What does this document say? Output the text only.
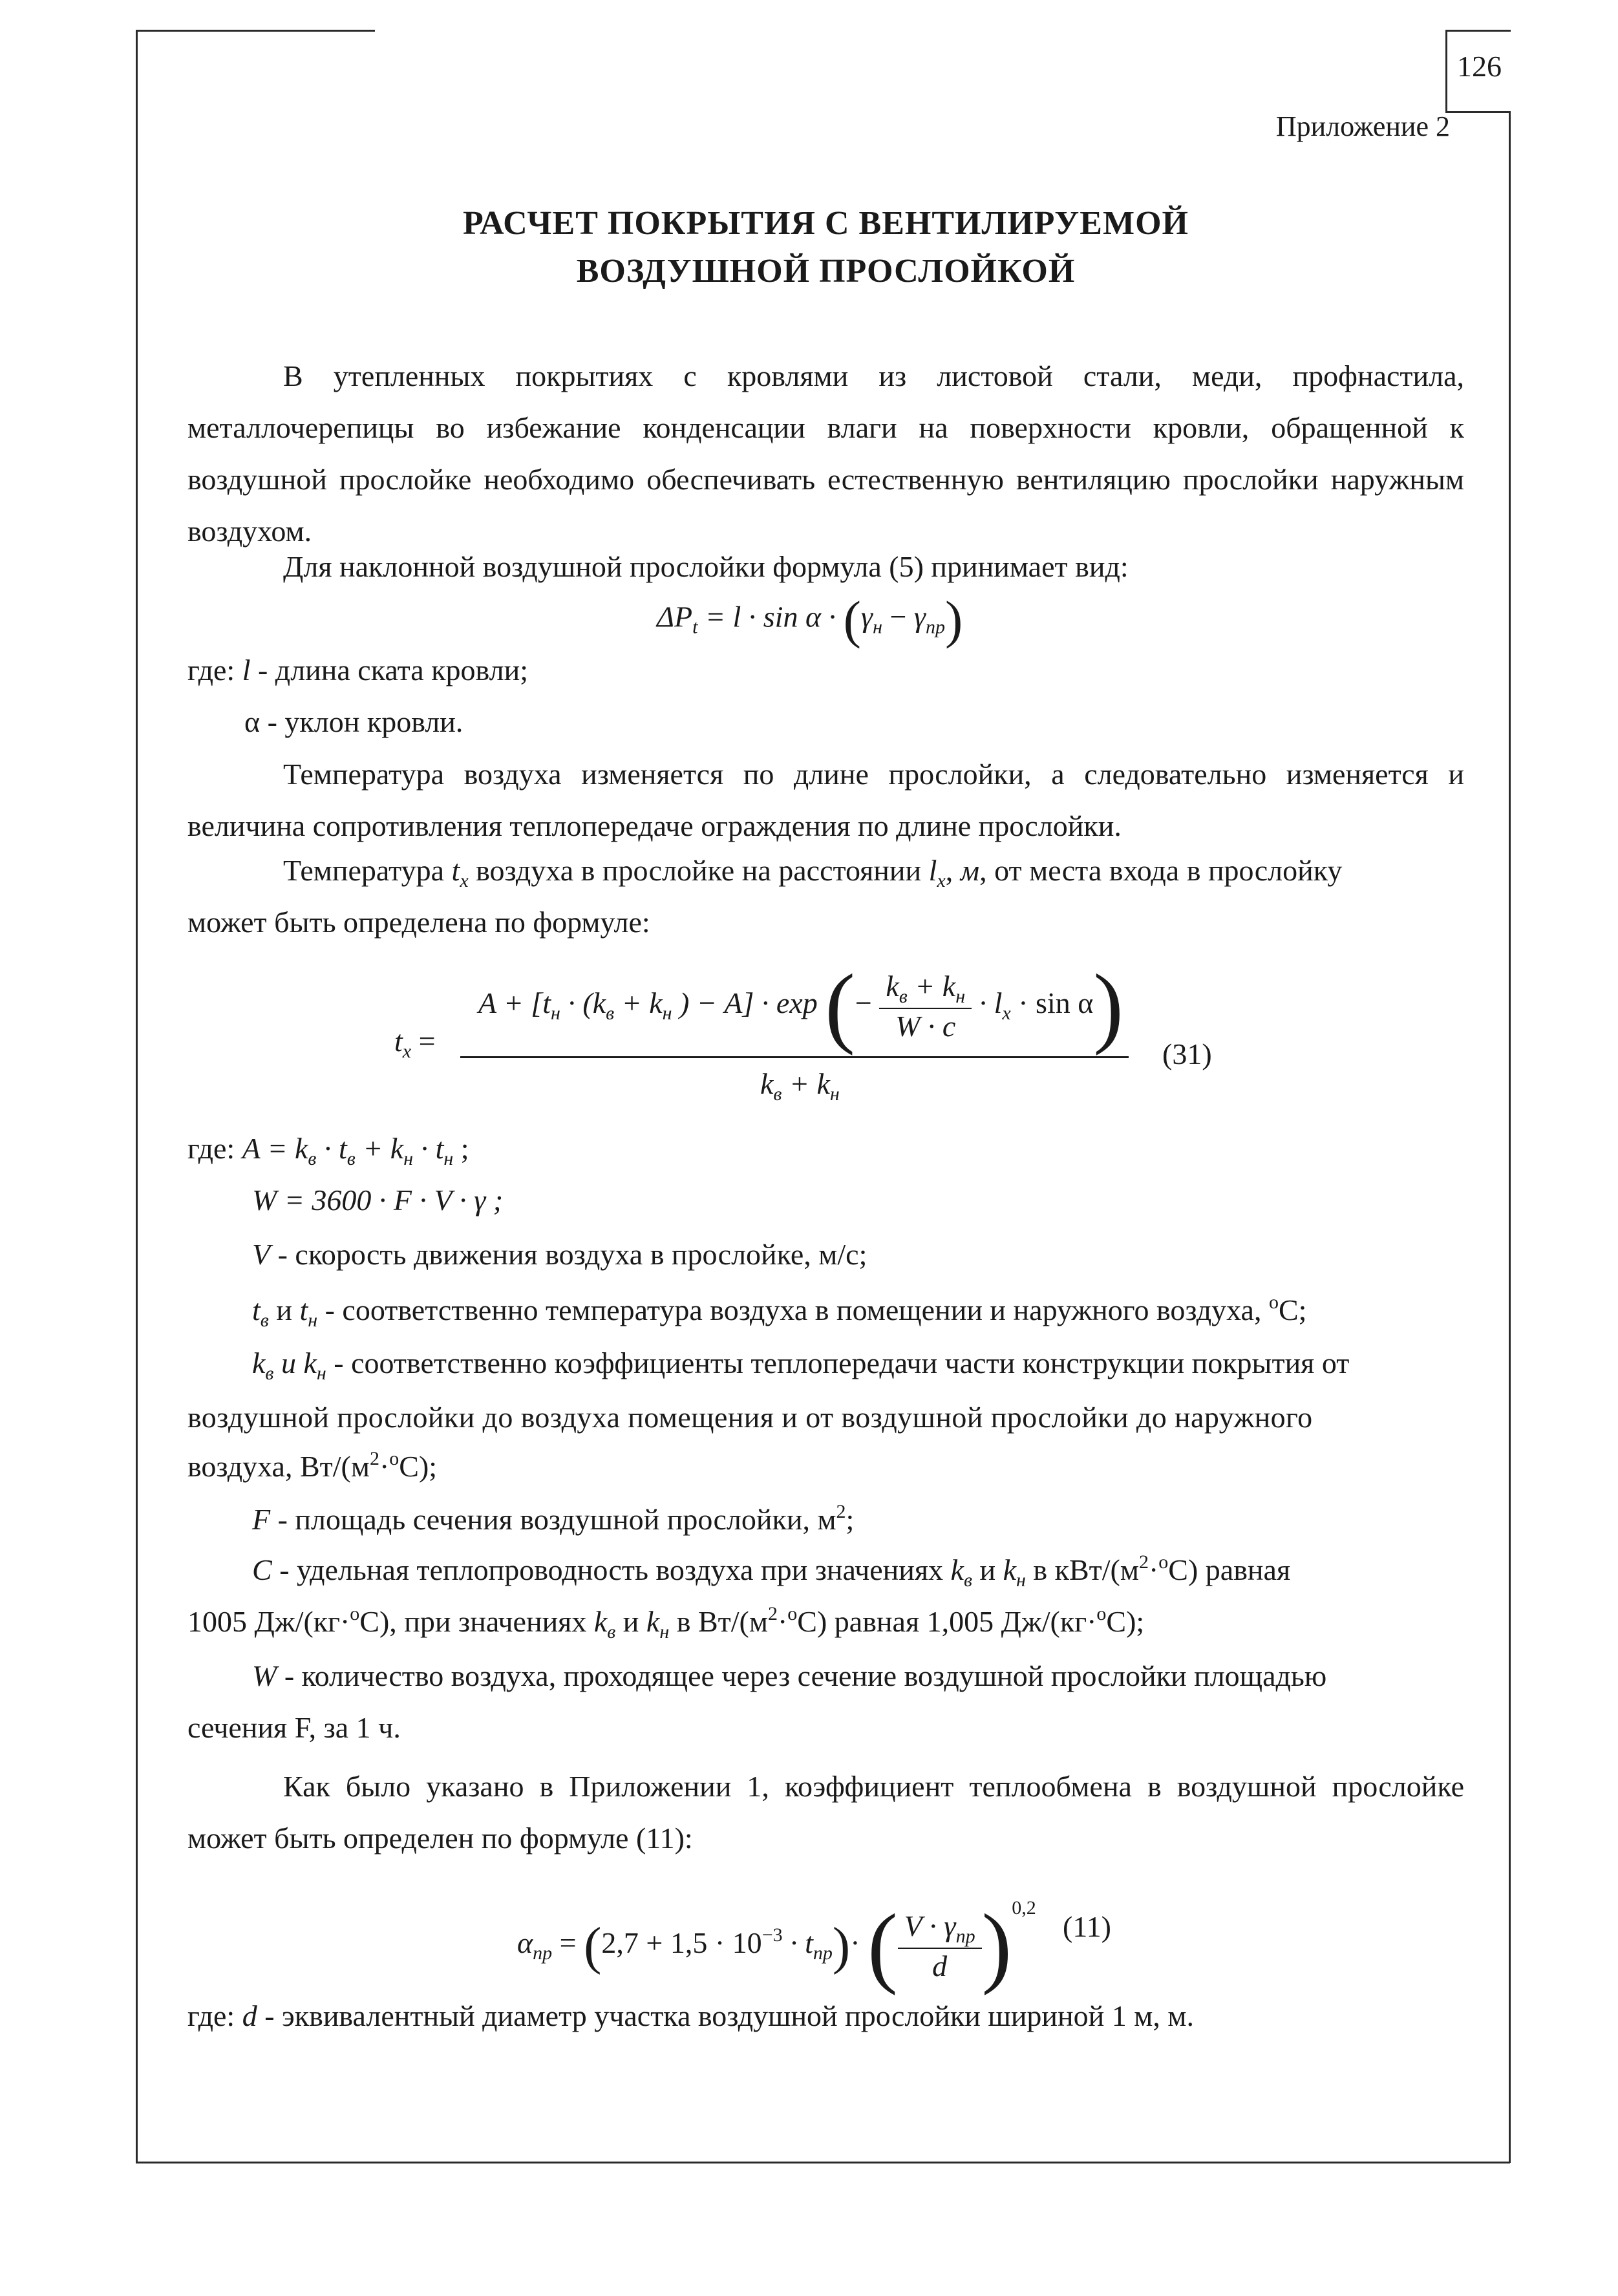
126
Приложение 2
РАСЧЕТ ПОКРЫТИЯ С ВЕНТИЛИРУЕМОЙ
ВОЗДУШНОЙ ПРОСЛОЙКОЙ
В утепленных покрытиях с кровлями из листовой стали, меди, профнастила, металлочерепицы во избежание конденсации влаги на поверхности кровли, обращенной к воздушной прослойке необходимо обеспечивать естественную вентиляцию прослойки наружным воздухом.
Для наклонной воздушной прослойки формула (5) принимает вид:
$\Delta P_t = l \cdot \sin \alpha \cdot (\gamma_н - \gamma_{пр})$
где: l - длина ската кровли;
α - уклон кровли.
Температура воздуха изменяется по длине прослойки, а следовательно изменяется и величина сопротивления теплопередаче ограждения по длине прослойки.
Температура $t_x$ воздуха в прослойке на расстоянии $l_x$, м, от места входа в прослойку
может быть определена по формуле:
$t_x$ =
$A + [t_н \cdot (k_в + k_н$ ) − A] · exp (− $\frac{k_в + k_н}{W \cdot c} \cdot l_x \cdot \sin \alpha$)
$k_в + k_н$
(31)
где: $A = k_в \cdot t_в + k_н \cdot t_н$ ;
W = 3600 · F · V · γ ;
V - скорость движения воздуха в прослойке, м/с;
$t_в$ и $t_н$ - соответственно температура воздуха в помещении и наружного воздуха, $^o$С;
$k_в$ и $k_н$ - соответственно коэффициенты теплопередачи части конструкции покрытия от
воздушной прослойки до воздуха помещения и от воздушной прослойки до наружного
воздуха, $Вт/(м^2\cdot^оС)$;
F - площадь сечения воздушной прослойки, $м^2$;
C - удельная теплопроводность воздуха при значениях $k_в$ и $k_н$ в кВт/$(м^2\cdot^оС)$ равная
1005 Дж/(кг·$^о$С), при значениях $k_в$ и $k_н$ в $Вт/(м^2\cdot^оС)$ равная 1,005 Дж/(кг·$^о$С);
W - количество воздуха, проходящее через сечение воздушной прослойки площадью
сечения F, за 1 ч.
Как было указано в Приложении 1, коэффициент теплообмена в воздушной прослойке может быть определен по формуле (11):
$\alpha_{пр} = (2,7 + 1,5 \cdot 10^{-3} \cdot t_{пр})\cdot$ ( $\frac{V \cdot \gamma_{пр}}{d} )^{0,2}$
(11)
где: d - эквивалентный диаметр участка воздушной прослойки шириной 1 м, м.
